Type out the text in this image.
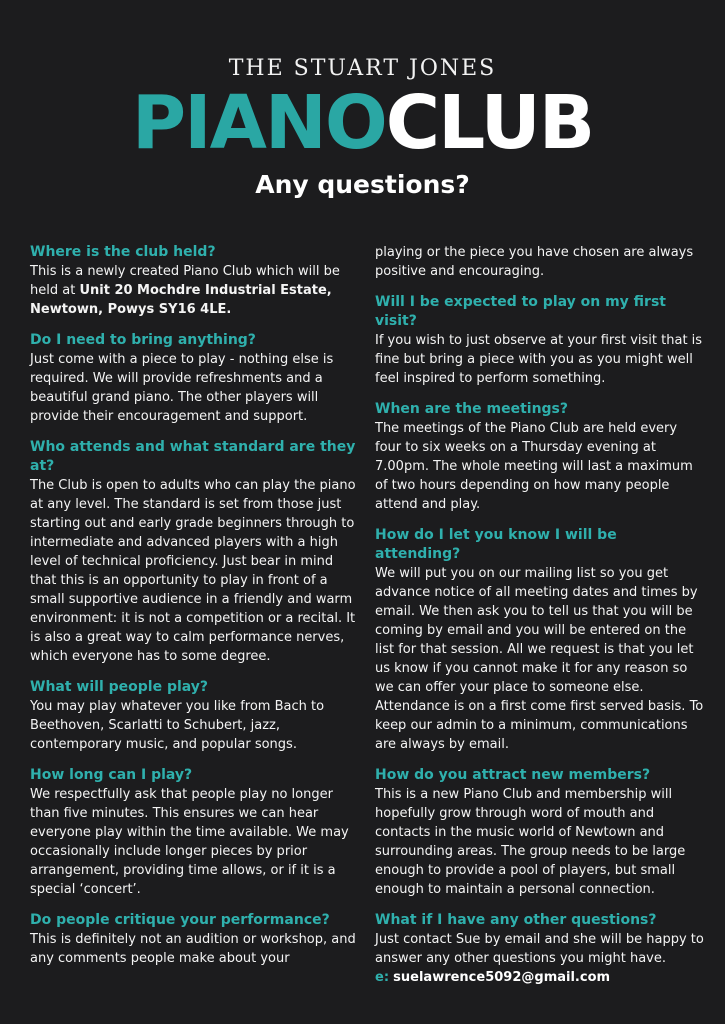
THE STUART JONES
PIANOCLUB
Any questions?

Where is the club held?

This is a newly created Piano Club which will be held at Unit 20 Mochdre Industrial Estate, Newtown, Powys SY16 4LE.

Do I need to bring anything?

Just come with a piece to play - nothing else is required. We will provide refreshments and a beautiful grand piano. The other players will provide their encouragement and support.

Who attends and what standard are they at?

The Club is open to adults who can play the piano at any level. The standard is set from those just starting out and early grade beginners through to intermediate and advanced players with a high level of technical proficiency. Just bear in mind that this is an opportunity to play in front of a small supportive audience in a friendly and warm environment: it is not a competition or a recital. It is also a great way to calm performance nerves, which everyone has to some degree.

What will people play?

You may play whatever you like from Bach to Beethoven, Scarlatti to Schubert, jazz, contemporary music, and popular songs.

How long can I play?

We respectfully ask that people play no longer than five minutes. This ensures we can hear everyone play within the time available. We may occasionally include longer pieces by prior arrangement, providing time allows, or if it is a special ‘concert’.

Do people critique your performance?

This is definitely not an audition or workshop, and any comments people make about your

playing or the piece you have chosen are always positive and encouraging.

Will I be expected to play on my first visit?

If you wish to just observe at your first visit that is fine but bring a piece with you as you might well feel inspired to perform something.

When are the meetings?

The meetings of the Piano Club are held every four to six weeks on a Thursday evening at 7.00pm. The whole meeting will last a maximum of two hours depending on how many people attend and play.

How do I let you know I will be attending?

We will put you on our mailing list so you get advance notice of all meeting dates and times by email. We then ask you to tell us that you will be coming by email and you will be entered on the list for that session. All we request is that you let us know if you cannot make it for any reason so we can offer your place to someone else. Attendance is on a first come first served basis. To keep our admin to a minimum, communications are always by email.

How do you attract new members?

This is a new Piano Club and membership will hopefully grow through word of mouth and contacts in the music world of Newtown and surrounding areas. The group needs to be large enough to provide a pool of players, but small enough to maintain a personal connection.

What if I have any other questions?

Just contact Sue by email and she will be happy to answer any other questions you might have.
e: suelawrence5092@gmail.com
